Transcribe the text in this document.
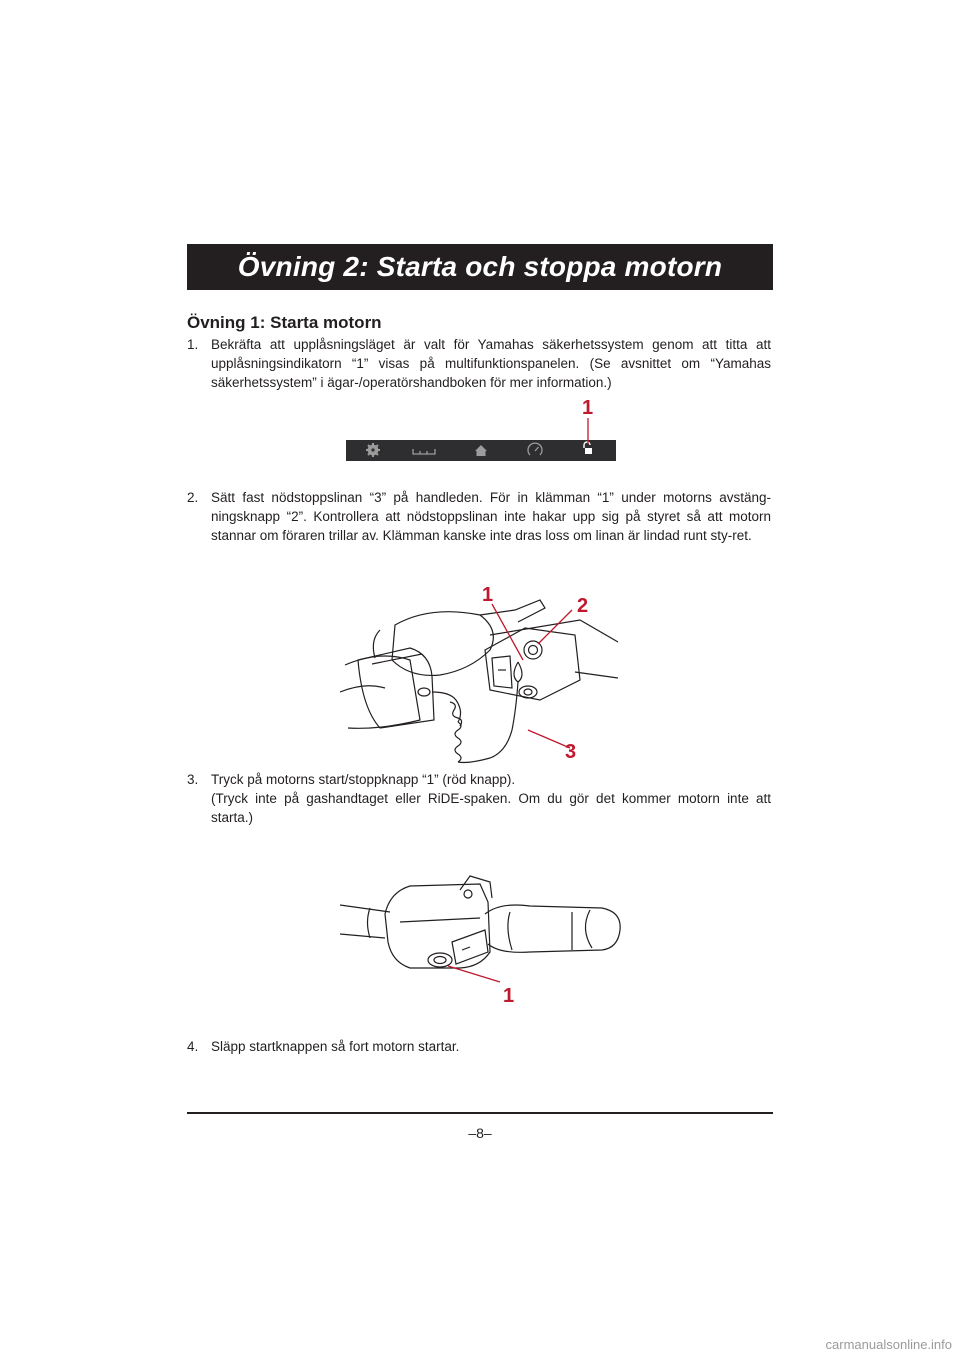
Övning 2: Starta och stoppa motorn
Övning 1: Starta motorn
1. Bekräfta att upplåsningsläget är valt för Yamahas säkerhetssystem genom att titta att upplåsningsindikatorn “1” visas på multifunktionspanelen. (Se avsnittet om “Yamahas säkerhetssystem” i ägar-/operatörshandboken för mer information.)
1
2. Sätt fast nödstoppslinan “3” på handleden. För in klämman “1” under motorns avstäng-ningsknapp “2”. Kontrollera att nödstoppslinan inte hakar upp sig på styret så att motorn stannar om föraren trillar av. Klämman kanske inte dras loss om linan är lindad runt sty-ret.
1	2
3
3. Tryck på motorns start/stoppknapp “1” (röd knapp).
(Tryck inte på gashandtaget eller RiDE-spaken. Om du gör det kommer motorn inte att starta.)
1
4. Släpp startknappen så fort motorn startar.
–8–
carmanualsonline.info
